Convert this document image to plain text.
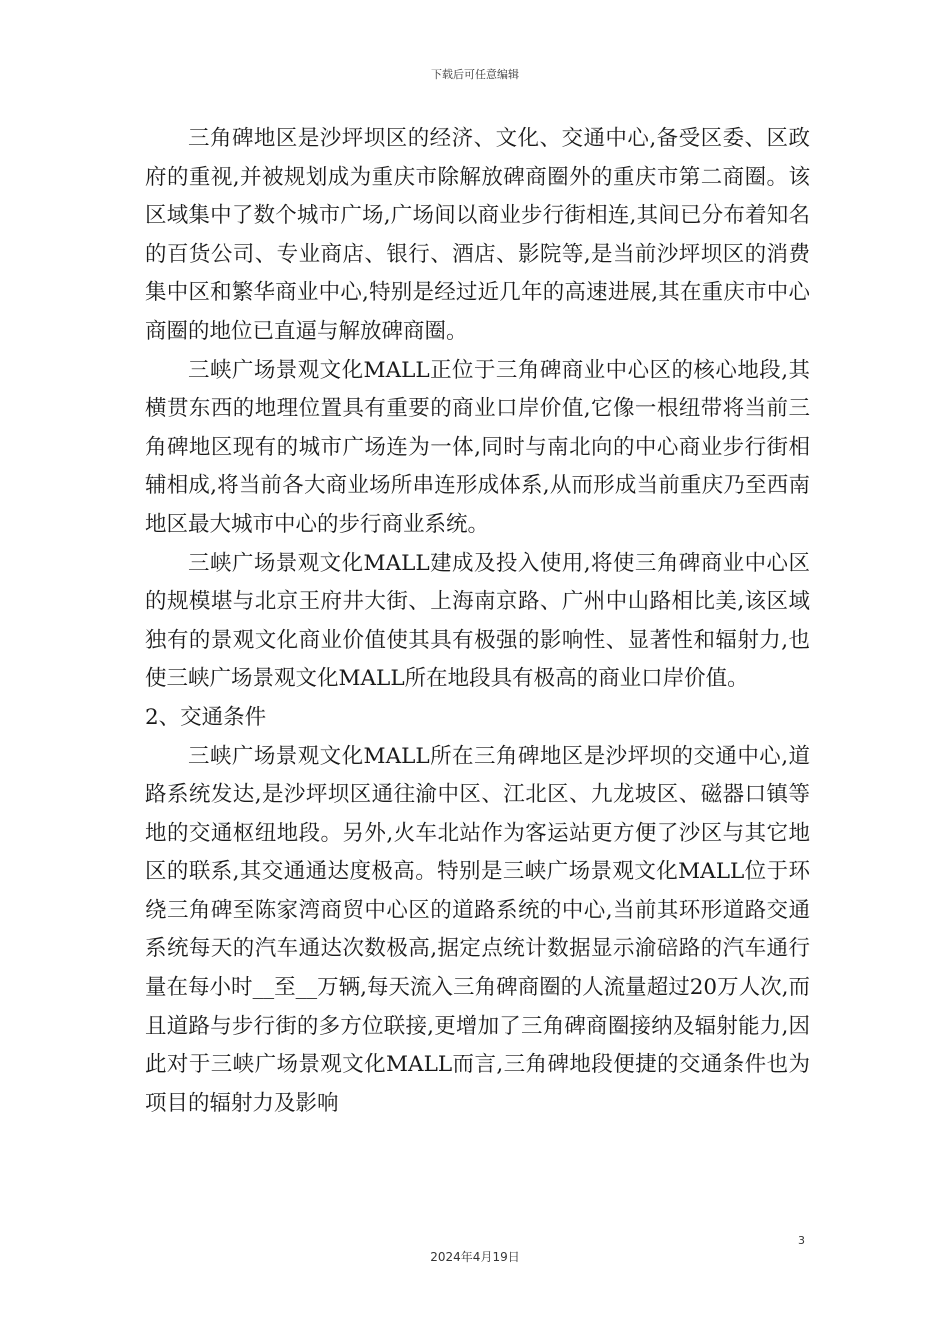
下载后可任意编辑

三角碑地区是沙坪坝区的经济、文化、交通中心,备受区委、区政府的重视,并被规划成为重庆市除解放碑商圈外的重庆市第二商圈。该区域集中了数个城市广场,广场间以商业步行街相连,其间已分布着知名的百货公司、专业商店、银行、酒店、影院等,是当前沙坪坝区的消费集中区和繁华商业中心,特别是经过近几年的高速进展,其在重庆市中心商圈的地位已直逼与解放碑商圈。

三峡广场景观文化MALL正位于三角碑商业中心区的核心地段,其横贯东西的地理位置具有重要的商业口岸价值,它像一根纽带将当前三角碑地区现有的城市广场连为一体,同时与南北向的中心商业步行街相辅相成,将当前各大商业场所串连形成体系,从而形成当前重庆乃至西南地区最大城市中心的步行商业系统。

三峡广场景观文化MALL建成及投入使用,将使三角碑商业中心区的规模堪与北京王府井大街、上海南京路、广州中山路相比美,该区域独有的景观文化商业价值使其具有极强的影响性、显著性和辐射力,也使三峡广场景观文化MALL所在地段具有极高的商业口岸价值。

2、交通条件

三峡广场景观文化MALL所在三角碑地区是沙坪坝的交通中心,道路系统发达,是沙坪坝区通往渝中区、江北区、九龙坡区、磁器口镇等地的交通枢纽地段。另外,火车北站作为客运站更方便了沙区与其它地区的联系,其交通通达度极高。特别是三峡广场景观文化MALL位于环绕三角碑至陈家湾商贸中心区的道路系统的中心,当前其环形道路交通系统每天的汽车通达次数极高,据定点统计数据显示渝碚路的汽车通行量在每小时__至__万辆,每天流入三角碑商圈的人流量超过20万人次,而且道路与步行街的多方位联接,更增加了三角碑商圈接纳及辐射能力,因此对于三峡广场景观文化MALL而言,三角碑地段便捷的交通条件也为项目的辐射力及影响

3
2024年4月19日
